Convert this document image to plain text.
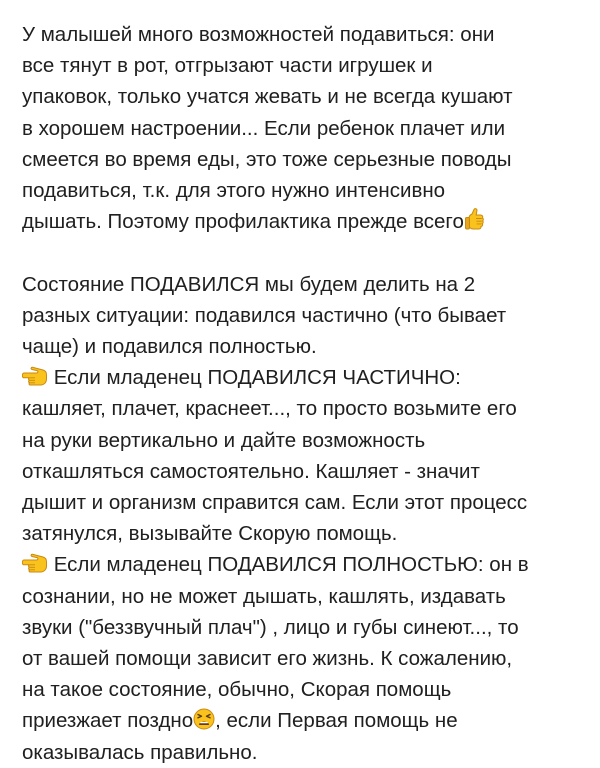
У малышей много возможностей подавиться: они
все тянут в рот, отгрызают части игрушек и
упаковок, только учатся жевать и не всегда кушают
в хорошем настроении... Если ребенок плачет или
смеется во время еды, это тоже серьезные поводы
подавиться, т.к. для этого нужно интенсивно
дышать. Поэтому профилактика прежде всего
Состояние ПОДАВИЛСЯ мы будем делить на 2
разных ситуации: подавился частично (что бывает
чаще) и подавился полностью.
Если младенец ПОДАВИЛСЯ ЧАСТИЧНО:
кашляет, плачет, краснеет..., то просто возьмите его
на руки вертикально и дайте возможность
откашляться самостоятельно. Кашляет - значит
дышит и организм справится сам. Если этот процесс
затянулся, вызывайте Скорую помощь.
Если младенец ПОДАВИЛСЯ ПОЛНОСТЬЮ: он в
сознании, но не может дышать, кашлять, издавать
звуки ("беззвучный плач") , лицо и губы синеют..., то
от вашей помощи зависит его жизнь. К сожалению,
на такое состояние, обычно, Скорая помощь
приезжает поздно , если Первая помощь не
оказывалась правильно.
